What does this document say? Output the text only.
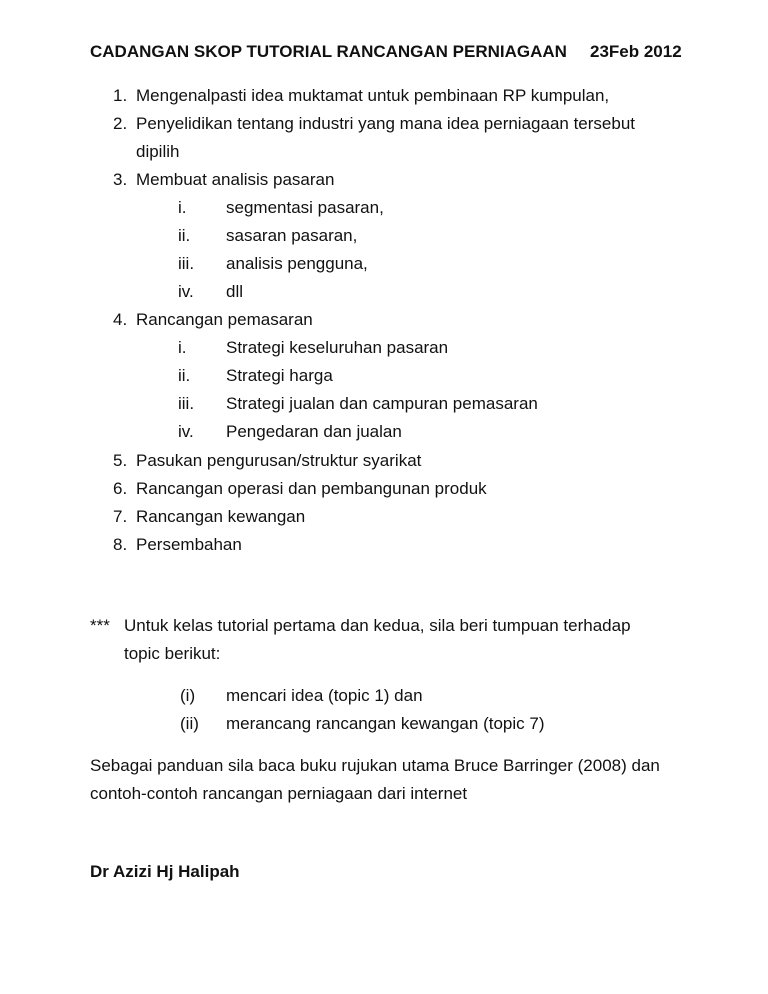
CADANGAN SKOP TUTORIAL RANCANGAN PERNIAGAAN 23Feb 2012
1. Mengenalpasti idea muktamat untuk pembinaan RP kumpulan,
2. Penyelidikan tentang industri yang mana idea perniagaan tersebut
dipilih
3. Membuat analisis pasaran
i. segmentasi pasaran,
ii. sasaran pasaran,
iii. analisis pengguna,
iv. dll
4. Rancangan pemasaran
i. Strategi keseluruhan pasaran
ii. Strategi harga
iii. Strategi jualan dan campuran pemasaran
iv. Pengedaran dan jualan
5. Pasukan pengurusan/struktur syarikat
6. Rancangan operasi dan pembangunan produk
7. Rancangan kewangan
8. Persembahan
*** Untuk kelas tutorial pertama dan kedua, sila beri tumpuan terhadap
topic berikut:
(i) mencari idea (topic 1) dan
(ii) merancang rancangan kewangan (topic 7)
Sebagai panduan sila baca buku rujukan utama Bruce Barringer (2008) dan
contoh-contoh rancangan perniagaan dari internet
Dr Azizi Hj Halipah
